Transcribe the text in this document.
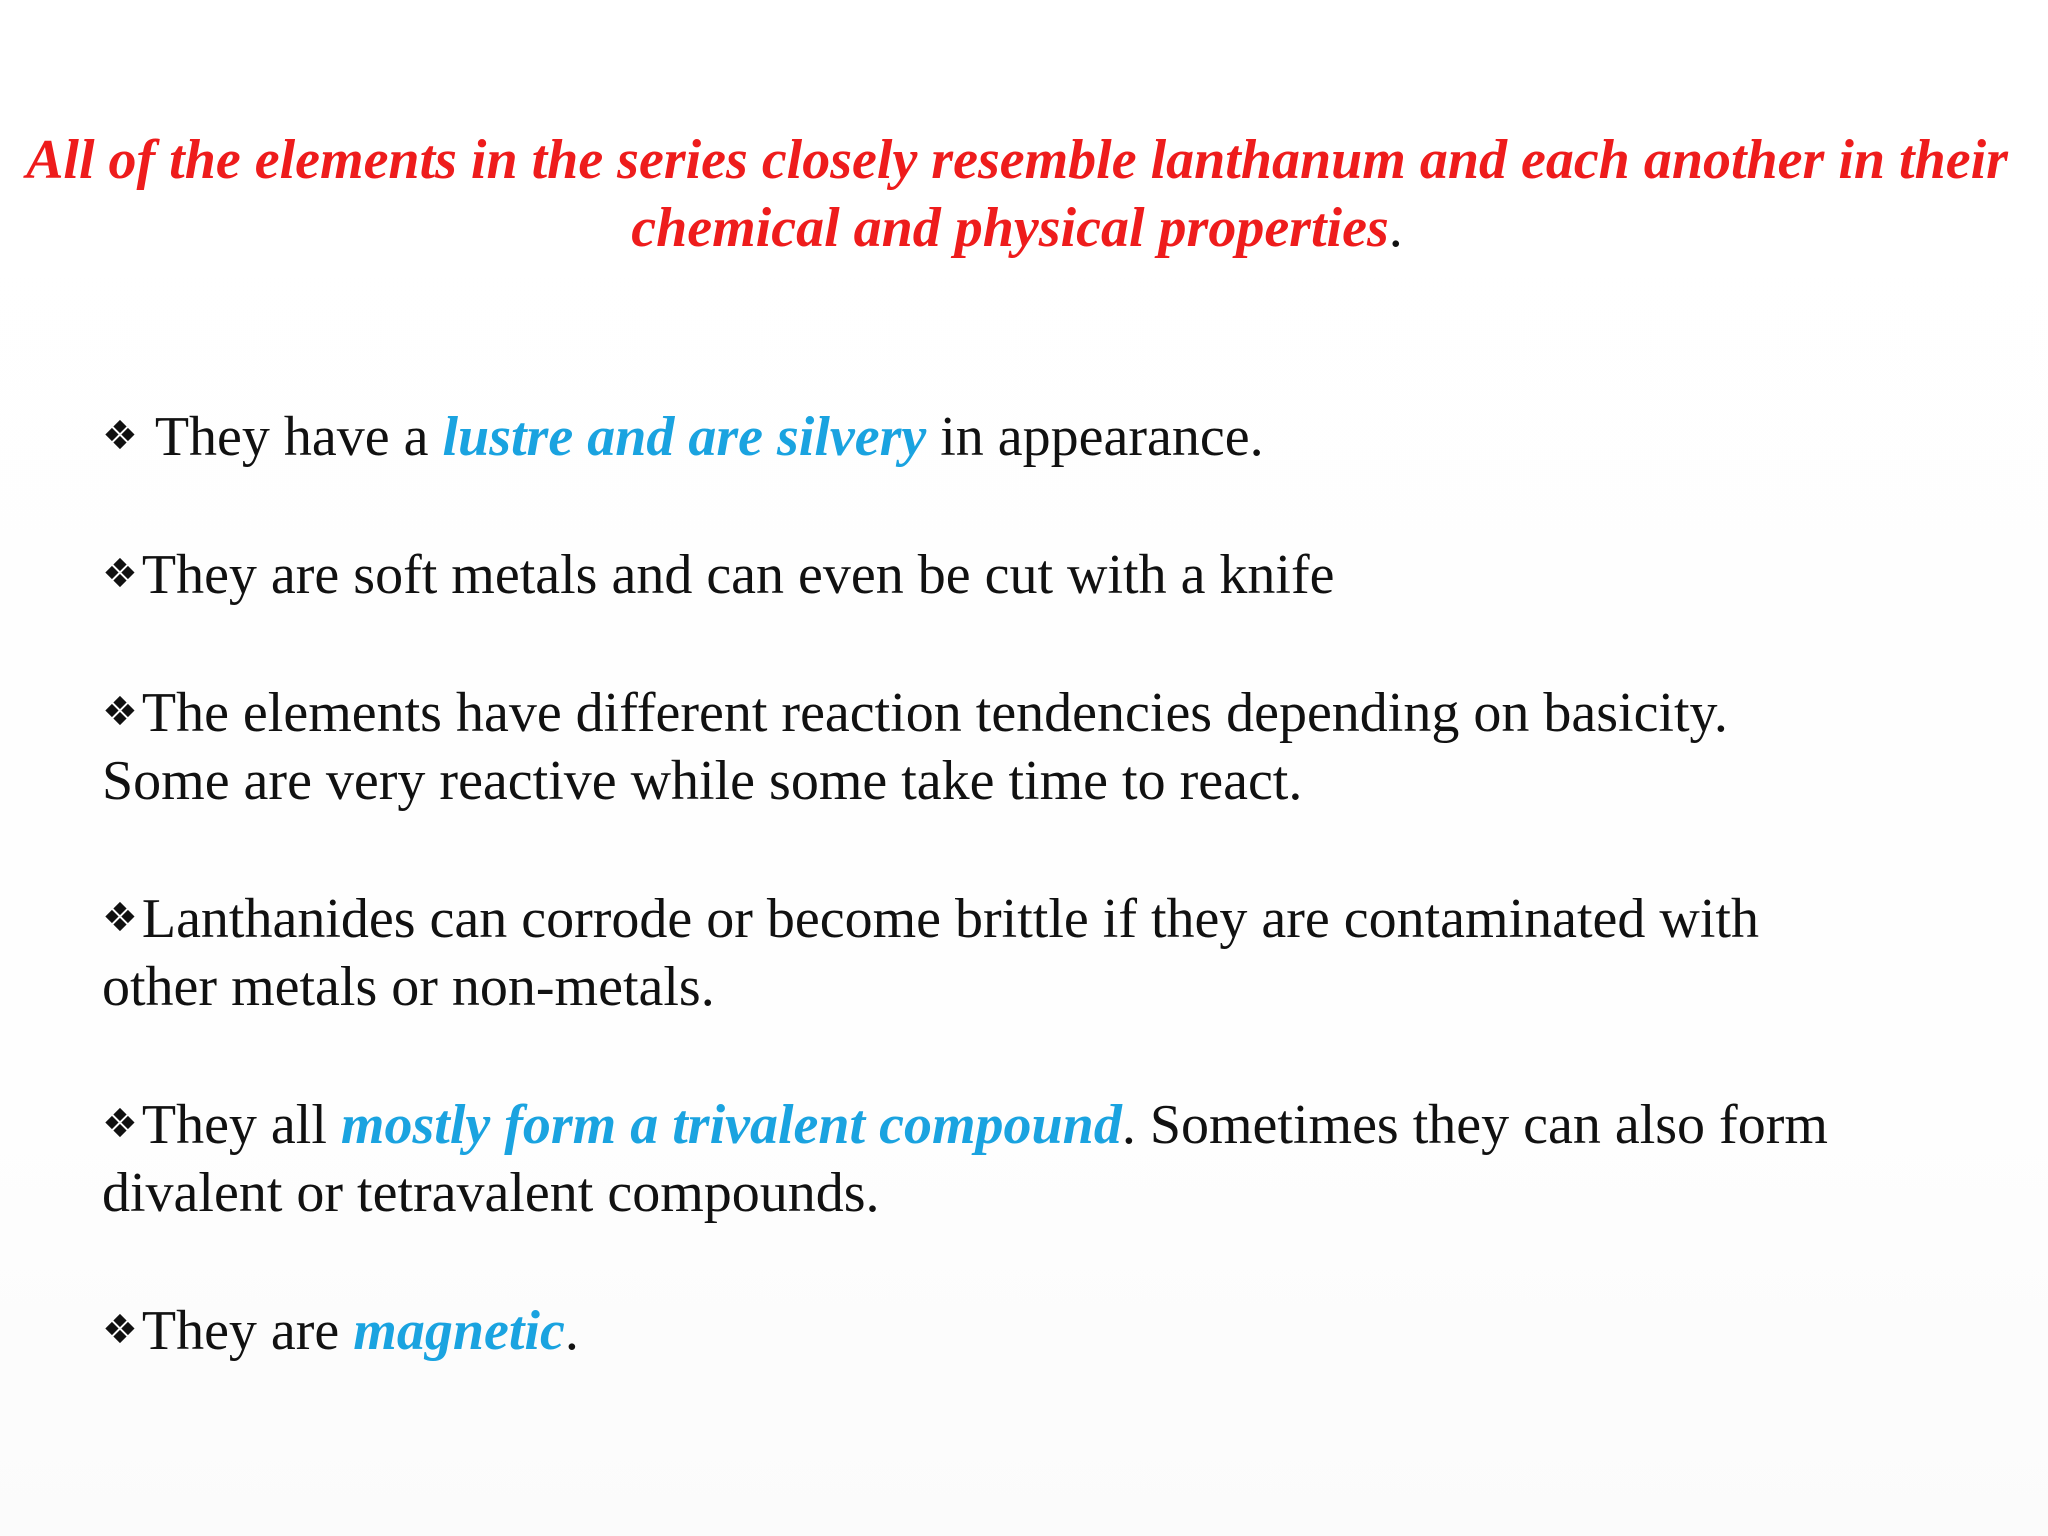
All of the elements in the series closely resemble lanthanum and each another in their chemical and physical properties.
❖ They have a lustre and are silvery in appearance.
❖They are soft metals and can even be cut with a knife
❖The elements have different reaction tendencies depending on basicity.
Some are very reactive while some take time to react.
❖Lanthanides can corrode or become brittle if they are contaminated with
other metals or non-metals.
❖They all mostly form a trivalent compound. Sometimes they can also form
divalent or tetravalent compounds.
❖They are magnetic.
